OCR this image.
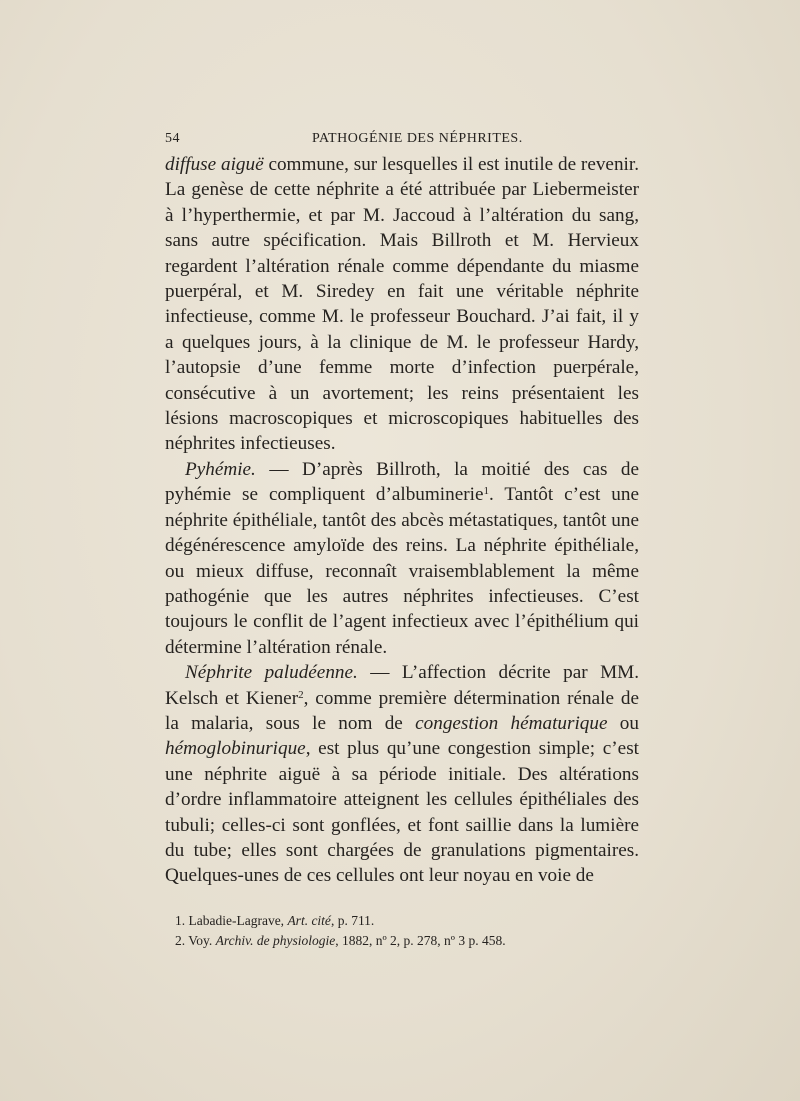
54	PATHOGÉNIE DES NÉPHRITES.

diffuse aiguë commune, sur lesquelles il est inutile de revenir. La genèse de cette néphrite a été attribuée par Liebermeister à l’hyperthermie, et par M. Jaccoud à l’altération du sang, sans autre spécification. Mais Billroth et M. Hervieux regardent l’altération rénale comme dépendante du miasme puerpéral, et M. Siredey en fait une véritable néphrite infectieuse, comme M. le professeur Bouchard. J’ai fait, il y a quelques jours, à la clinique de M. le professeur Hardy, l’autopsie d’une femme morte d’infection puerpérale, consécutive à un avortement; les reins présentaient les lésions macroscopiques et microscopiques habituelles des néphrites infectieuses.

Pyhémie. — D’après Billroth, la moitié des cas de pyhémie se compliquent d’albuminerie$^1$. Tantôt c’est une néphrite épithéliale, tantôt des abcès métastatiques, tantôt une dégénérescence amyloïde des reins. La néphrite épithéliale, ou mieux diffuse, reconnaît vraisemblablement la même pathogénie que les autres néphrites infectieuses. C’est toujours le conflit de l’agent infectieux avec l’épithélium qui détermine l’altération rénale.

Néphrite paludéenne. — L’affection décrite par MM. Kelsch et Kiener$^2$, comme première détermination rénale de la malaria, sous le nom de congestion hématurique ou hémoglobinurique, est plus qu’une congestion simple; c’est une néphrite aiguë à sa période initiale. Des altérations d’ordre inflammatoire atteignent les cellules épithéliales des tubuli; celles-ci sont gonflées, et font saillie dans la lumière du tube; elles sont chargées de granulations pigmentaires. Quelques-unes de ces cellules ont leur noyau en voie de

1. Labadie-Lagrave, Art. cité, p. 711.
2. Voy. Archiv. de physiologie, 1882, nº 2, p. 278, nº 3 p. 458.
